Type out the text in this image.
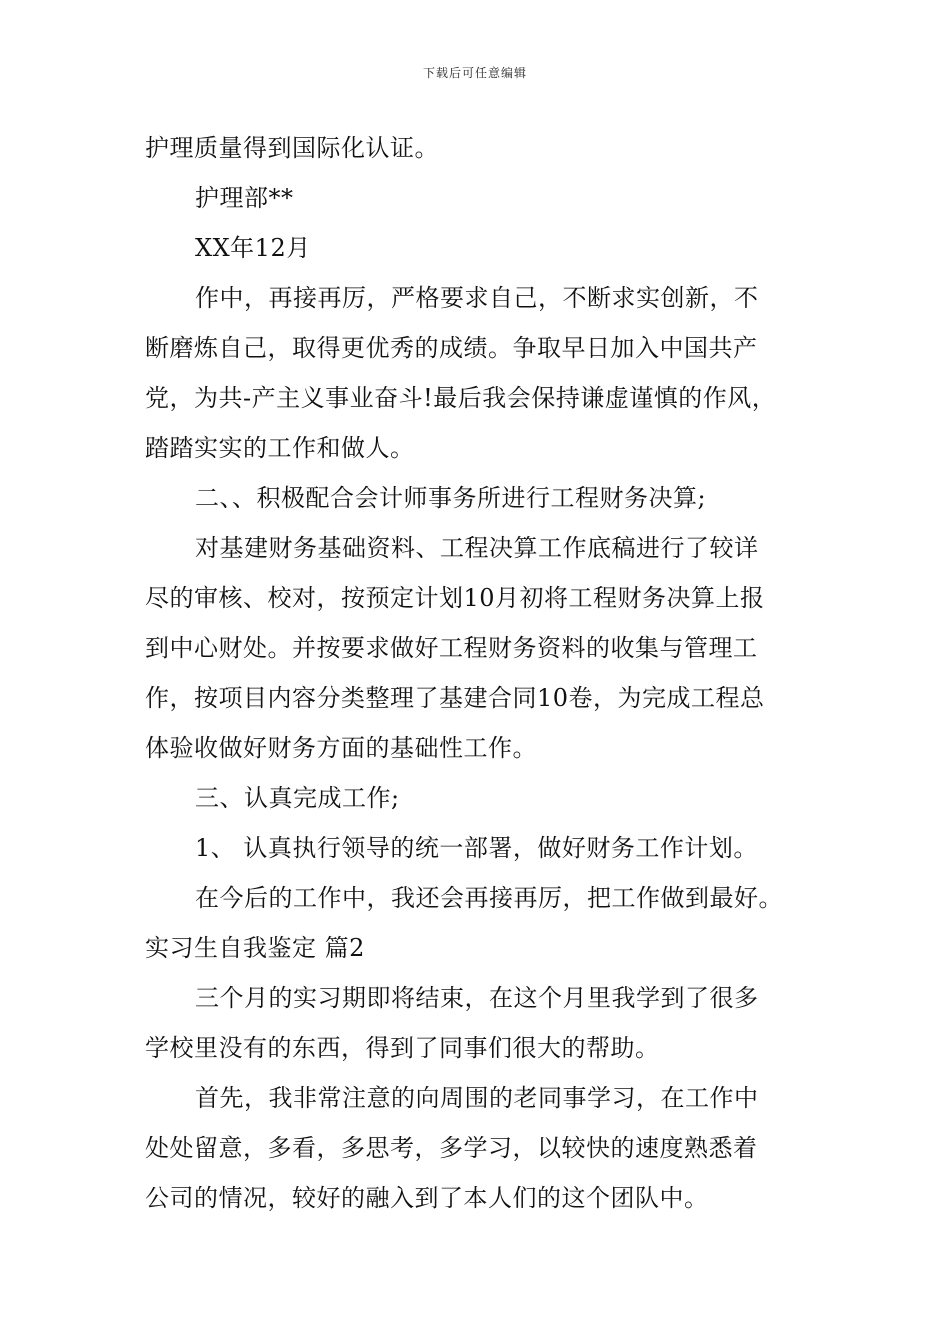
下载后可任意编辑
护理质量得到国际化认证。
护理部**
XX年12月
作中，再接再厉，严格要求自己，不断求实创新，不
断磨炼自己，取得更优秀的成绩。争取早日加入中国共产
党，为共-产主义事业奋斗!最后我会保持谦虚谨慎的作风，
踏踏实实的工作和做人。
二、、积极配合会计师事务所进行工程财务决算;
对基建财务基础资料、工程决算工作底稿进行了较详
尽的审核、校对，按预定计划10月初将工程财务决算上报
到中心财处。并按要求做好工程财务资料的收集与管理工
作，按项目内容分类整理了基建合同10卷，为完成工程总
体验收做好财务方面的基础性工作。
三、认真完成工作;
1、 认真执行领导的统一部署，做好财务工作计划。
在今后的工作中，我还会再接再厉，把工作做到最好。
实习生自我鉴定 篇2
三个月的实习期即将结束，在这个月里我学到了很多
学校里没有的东西，得到了同事们很大的帮助。
首先，我非常注意的向周围的老同事学习，在工作中
处处留意，多看，多思考，多学习，以较快的速度熟悉着
公司的情况，较好的融入到了本人们的这个团队中。
